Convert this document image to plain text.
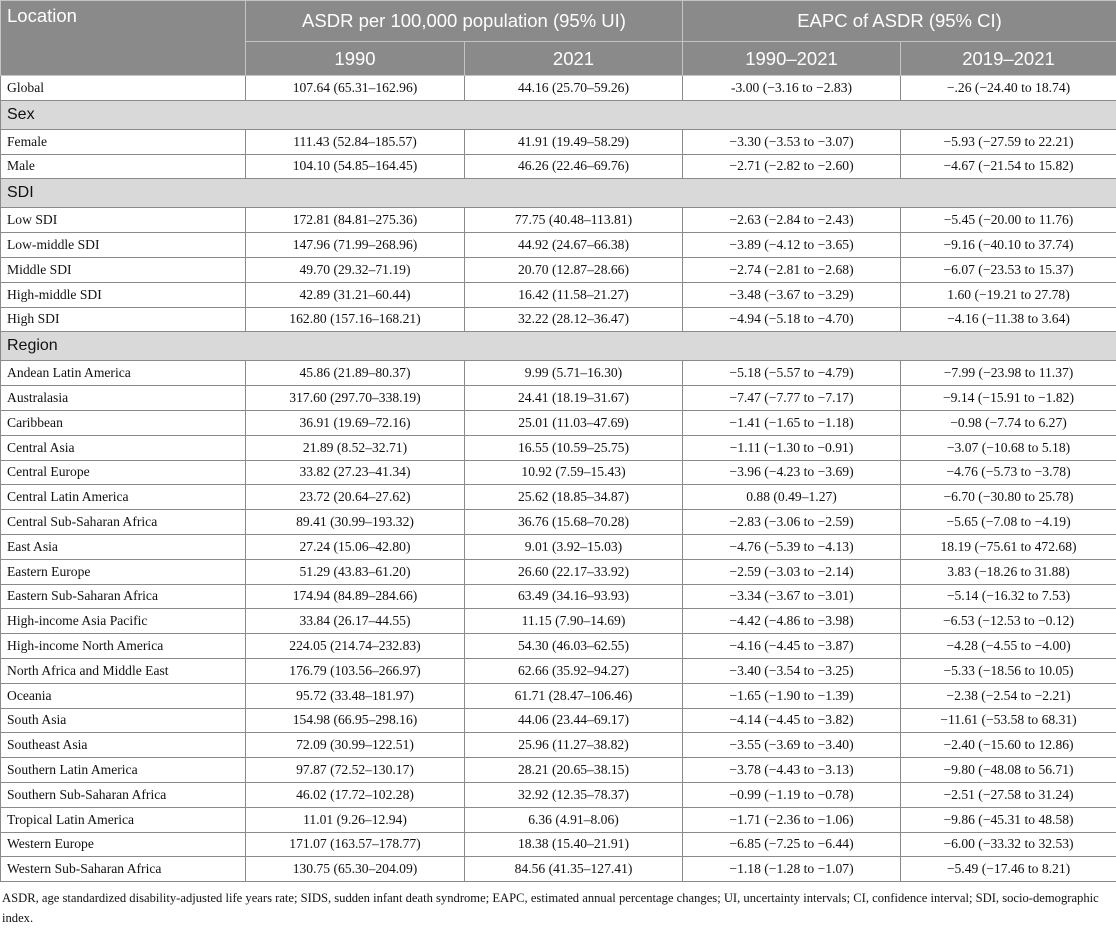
Location	ASDR per 100,000 population (95% UI)		EAPC of ASDR (95% CI)	
	1990	2021	1990–2021	2019–2021
Global	107.64 (65.31–162.96)	44.16 (25.70–59.26)	-3.00 (−3.16 to −2.83)	−.26 (−24.40 to 18.74)
Sex				
Female	111.43 (52.84–185.57)	41.91 (19.49–58.29)	−3.30 (−3.53 to −3.07)	−5.93 (−27.59 to 22.21)
Male	104.10 (54.85–164.45)	46.26 (22.46–69.76)	−2.71 (−2.82 to −2.60)	−4.67 (−21.54 to 15.82)
SDI				
Low SDI	172.81 (84.81–275.36)	77.75 (40.48–113.81)	−2.63 (−2.84 to −2.43)	−5.45 (−20.00 to 11.76)
Low-middle SDI	147.96 (71.99–268.96)	44.92 (24.67–66.38)	−3.89 (−4.12 to −3.65)	−9.16 (−40.10 to 37.74)
Middle SDI	49.70 (29.32–71.19)	20.70 (12.87–28.66)	−2.74 (−2.81 to −2.68)	−6.07 (−23.53 to 15.37)
High-middle SDI	42.89 (31.21–60.44)	16.42 (11.58–21.27)	−3.48 (−3.67 to −3.29)	1.60 (−19.21 to 27.78)
High SDI	162.80 (157.16–168.21)	32.22 (28.12–36.47)	−4.94 (−5.18 to −4.70)	−4.16 (−11.38 to 3.64)
Region				
Andean Latin America	45.86 (21.89–80.37)	9.99 (5.71–16.30)	−5.18 (−5.57 to −4.79)	−7.99 (−23.98 to 11.37)
Australasia	317.60 (297.70–338.19)	24.41 (18.19–31.67)	−7.47 (−7.77 to −7.17)	−9.14 (−15.91 to −1.82)
Caribbean	36.91 (19.69–72.16)	25.01 (11.03–47.69)	−1.41 (−1.65 to −1.18)	−0.98 (−7.74 to 6.27)
Central Asia	21.89 (8.52–32.71)	16.55 (10.59–25.75)	−1.11 (−1.30 to −0.91)	−3.07 (−10.68 to 5.18)
Central Europe	33.82 (27.23–41.34)	10.92 (7.59–15.43)	−3.96 (−4.23 to −3.69)	−4.76 (−5.73 to −3.78)
Central Latin America	23.72 (20.64–27.62)	25.62 (18.85–34.87)	0.88 (0.49–1.27)	−6.70 (−30.80 to 25.78)
Central Sub-Saharan Africa	89.41 (30.99–193.32)	36.76 (15.68–70.28)	−2.83 (−3.06 to −2.59)	−5.65 (−7.08 to −4.19)
East Asia	27.24 (15.06–42.80)	9.01 (3.92–15.03)	−4.76 (−5.39 to −4.13)	18.19 (−75.61 to 472.68)
Eastern Europe	51.29 (43.83–61.20)	26.60 (22.17–33.92)	−2.59 (−3.03 to −2.14)	3.83 (−18.26 to 31.88)
Eastern Sub-Saharan Africa	174.94 (84.89–284.66)	63.49 (34.16–93.93)	−3.34 (−3.67 to −3.01)	−5.14 (−16.32 to 7.53)
High-income Asia Pacific	33.84 (26.17–44.55)	11.15 (7.90–14.69)	−4.42 (−4.86 to −3.98)	−6.53 (−12.53 to −0.12)
High-income North America	224.05 (214.74–232.83)	54.30 (46.03–62.55)	−4.16 (−4.45 to −3.87)	−4.28 (−4.55 to −4.00)
North Africa and Middle East	176.79 (103.56–266.97)	62.66 (35.92–94.27)	−3.40 (−3.54 to −3.25)	−5.33 (−18.56 to 10.05)
Oceania	95.72 (33.48–181.97)	61.71 (28.47–106.46)	−1.65 (−1.90 to −1.39)	−2.38 (−2.54 to −2.21)
South Asia	154.98 (66.95–298.16)	44.06 (23.44–69.17)	−4.14 (−4.45 to −3.82)	−11.61 (−53.58 to 68.31)
Southeast Asia	72.09 (30.99–122.51)	25.96 (11.27–38.82)	−3.55 (−3.69 to −3.40)	−2.40 (−15.60 to 12.86)
Southern Latin America	97.87 (72.52–130.17)	28.21 (20.65–38.15)	−3.78 (−4.43 to −3.13)	−9.80 (−48.08 to 56.71)
Southern Sub-Saharan Africa	46.02 (17.72–102.28)	32.92 (12.35–78.37)	−0.99 (−1.19 to −0.78)	−2.51 (−27.58 to 31.24)
Tropical Latin America	11.01 (9.26–12.94)	6.36 (4.91–8.06)	−1.71 (−2.36 to −1.06)	−9.86 (−45.31 to 48.58)
Western Europe	171.07 (163.57–178.77)	18.38 (15.40–21.91)	−6.85 (−7.25 to −6.44)	−6.00 (−33.32 to 32.53)
Western Sub-Saharan Africa	130.75 (65.30–204.09)	84.56 (41.35–127.41)	−1.18 (−1.28 to −1.07)	−5.49 (−17.46 to 8.21)
ASDR, age standardized disability-adjusted life years rate; SIDS, sudden infant death syndrome; EAPC, estimated annual percentage changes; UI, uncertainty intervals; CI, confidence interval; SDI, socio-demographic index.
